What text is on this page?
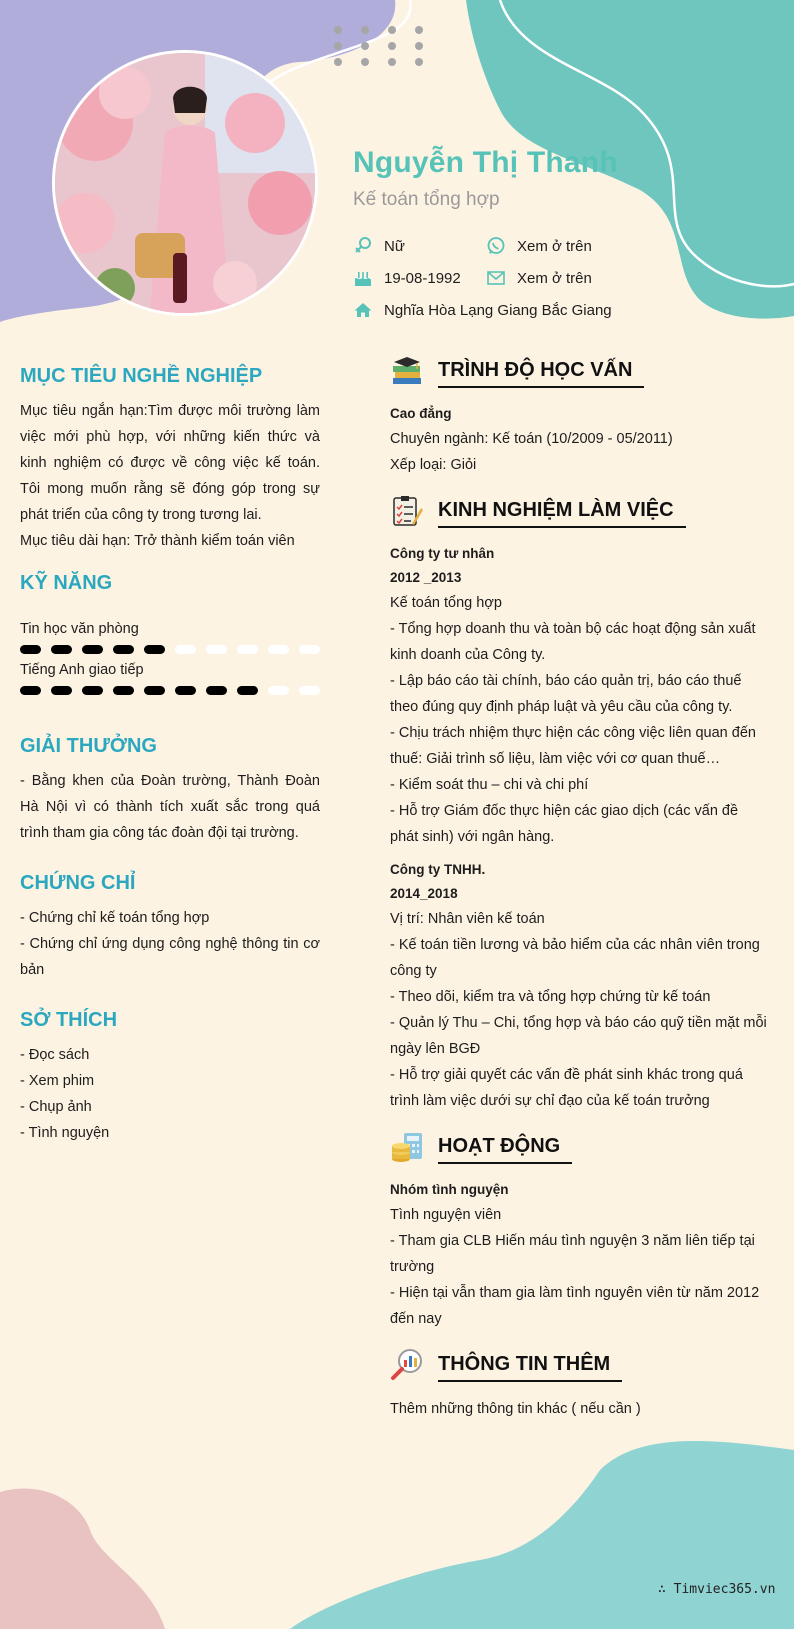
Nguyễn Thị Thanh
Kế toán tổng hợp
Nữ	Xem ở trên
19-08-1992	Xem ở trên
Nghĩa Hòa Lạng Giang Bắc Giang
MỤC TIÊU NGHỀ NGHIỆP
Mục tiêu ngắn hạn:Tìm được môi trường làm việc mới phù hợp, với những kiến thức và kinh nghiệm có được về công việc kế toán. Tôi mong muốn rằng sẽ đóng góp trong sự phát triển của công ty trong tương lai.
Mục tiêu dài hạn: Trở thành kiểm toán viên
KỸ NĂNG
Tin học văn phòng
Tiếng Anh giao tiếp
GIẢI THƯỞNG
- Bằng khen của Đoàn trường, Thành Đoàn Hà Nội vì có thành tích xuất sắc trong quá trình tham gia công tác đoàn đội tại trường.
CHỨNG CHỈ
- Chứng chỉ kế toán tổng hợp
- Chứng chỉ ứng dụng công nghệ thông tin cơ bản
SỞ THÍCH
- Đọc sách
- Xem phim
- Chụp ảnh
- Tình nguyện
TRÌNH ĐỘ HỌC VẤN
Cao đẳng
Chuyên ngành: Kế toán (10/2009 - 05/2011)
Xếp loại: Giỏi
KINH NGHIỆM LÀM VIỆC
Công ty tư nhân
2012 _2013
Kế toán tổng hợp
- Tổng hợp doanh thu và toàn bộ các hoạt động sản xuất kinh doanh của Công ty.
- Lập báo cáo tài chính, báo cáo quản trị, báo cáo thuế theo đúng quy định pháp luật và yêu cầu của công ty.
- Chịu trách nhiệm thực hiện các công việc liên quan đến thuế: Giải trình số liệu, làm việc với cơ quan thuế…
- Kiểm soát thu – chi và chi phí
- Hỗ trợ Giám đốc thực hiện các giao dịch (các vấn đề phát sinh) với ngân hàng.
Công ty TNHH.
2014_2018
Vị trí: Nhân viên kế toán
- Kế toán tiền lương và bảo hiểm của các nhân viên trong công ty
- Theo dõi, kiểm tra và tổng hợp chứng từ kế toán
- Quản lý Thu – Chi, tổng hợp và báo cáo quỹ tiền mặt mỗi ngày lên BGĐ
- Hỗ trợ giải quyết các vấn đề phát sinh khác trong quá trình làm việc dưới sự chỉ đạo của kế toán trưởng
HOẠT ĐỘNG
Nhóm tình nguyện
Tình nguyện viên
- Tham gia CLB Hiến máu tình nguyện 3 năm liên tiếp tại trường
- Hiện tại vẫn tham gia làm tình nguyên viên từ năm 2012 đến nay
THÔNG TIN THÊM
Thêm những thông tin khác ( nếu cần )
∴ Timviec365.vn
